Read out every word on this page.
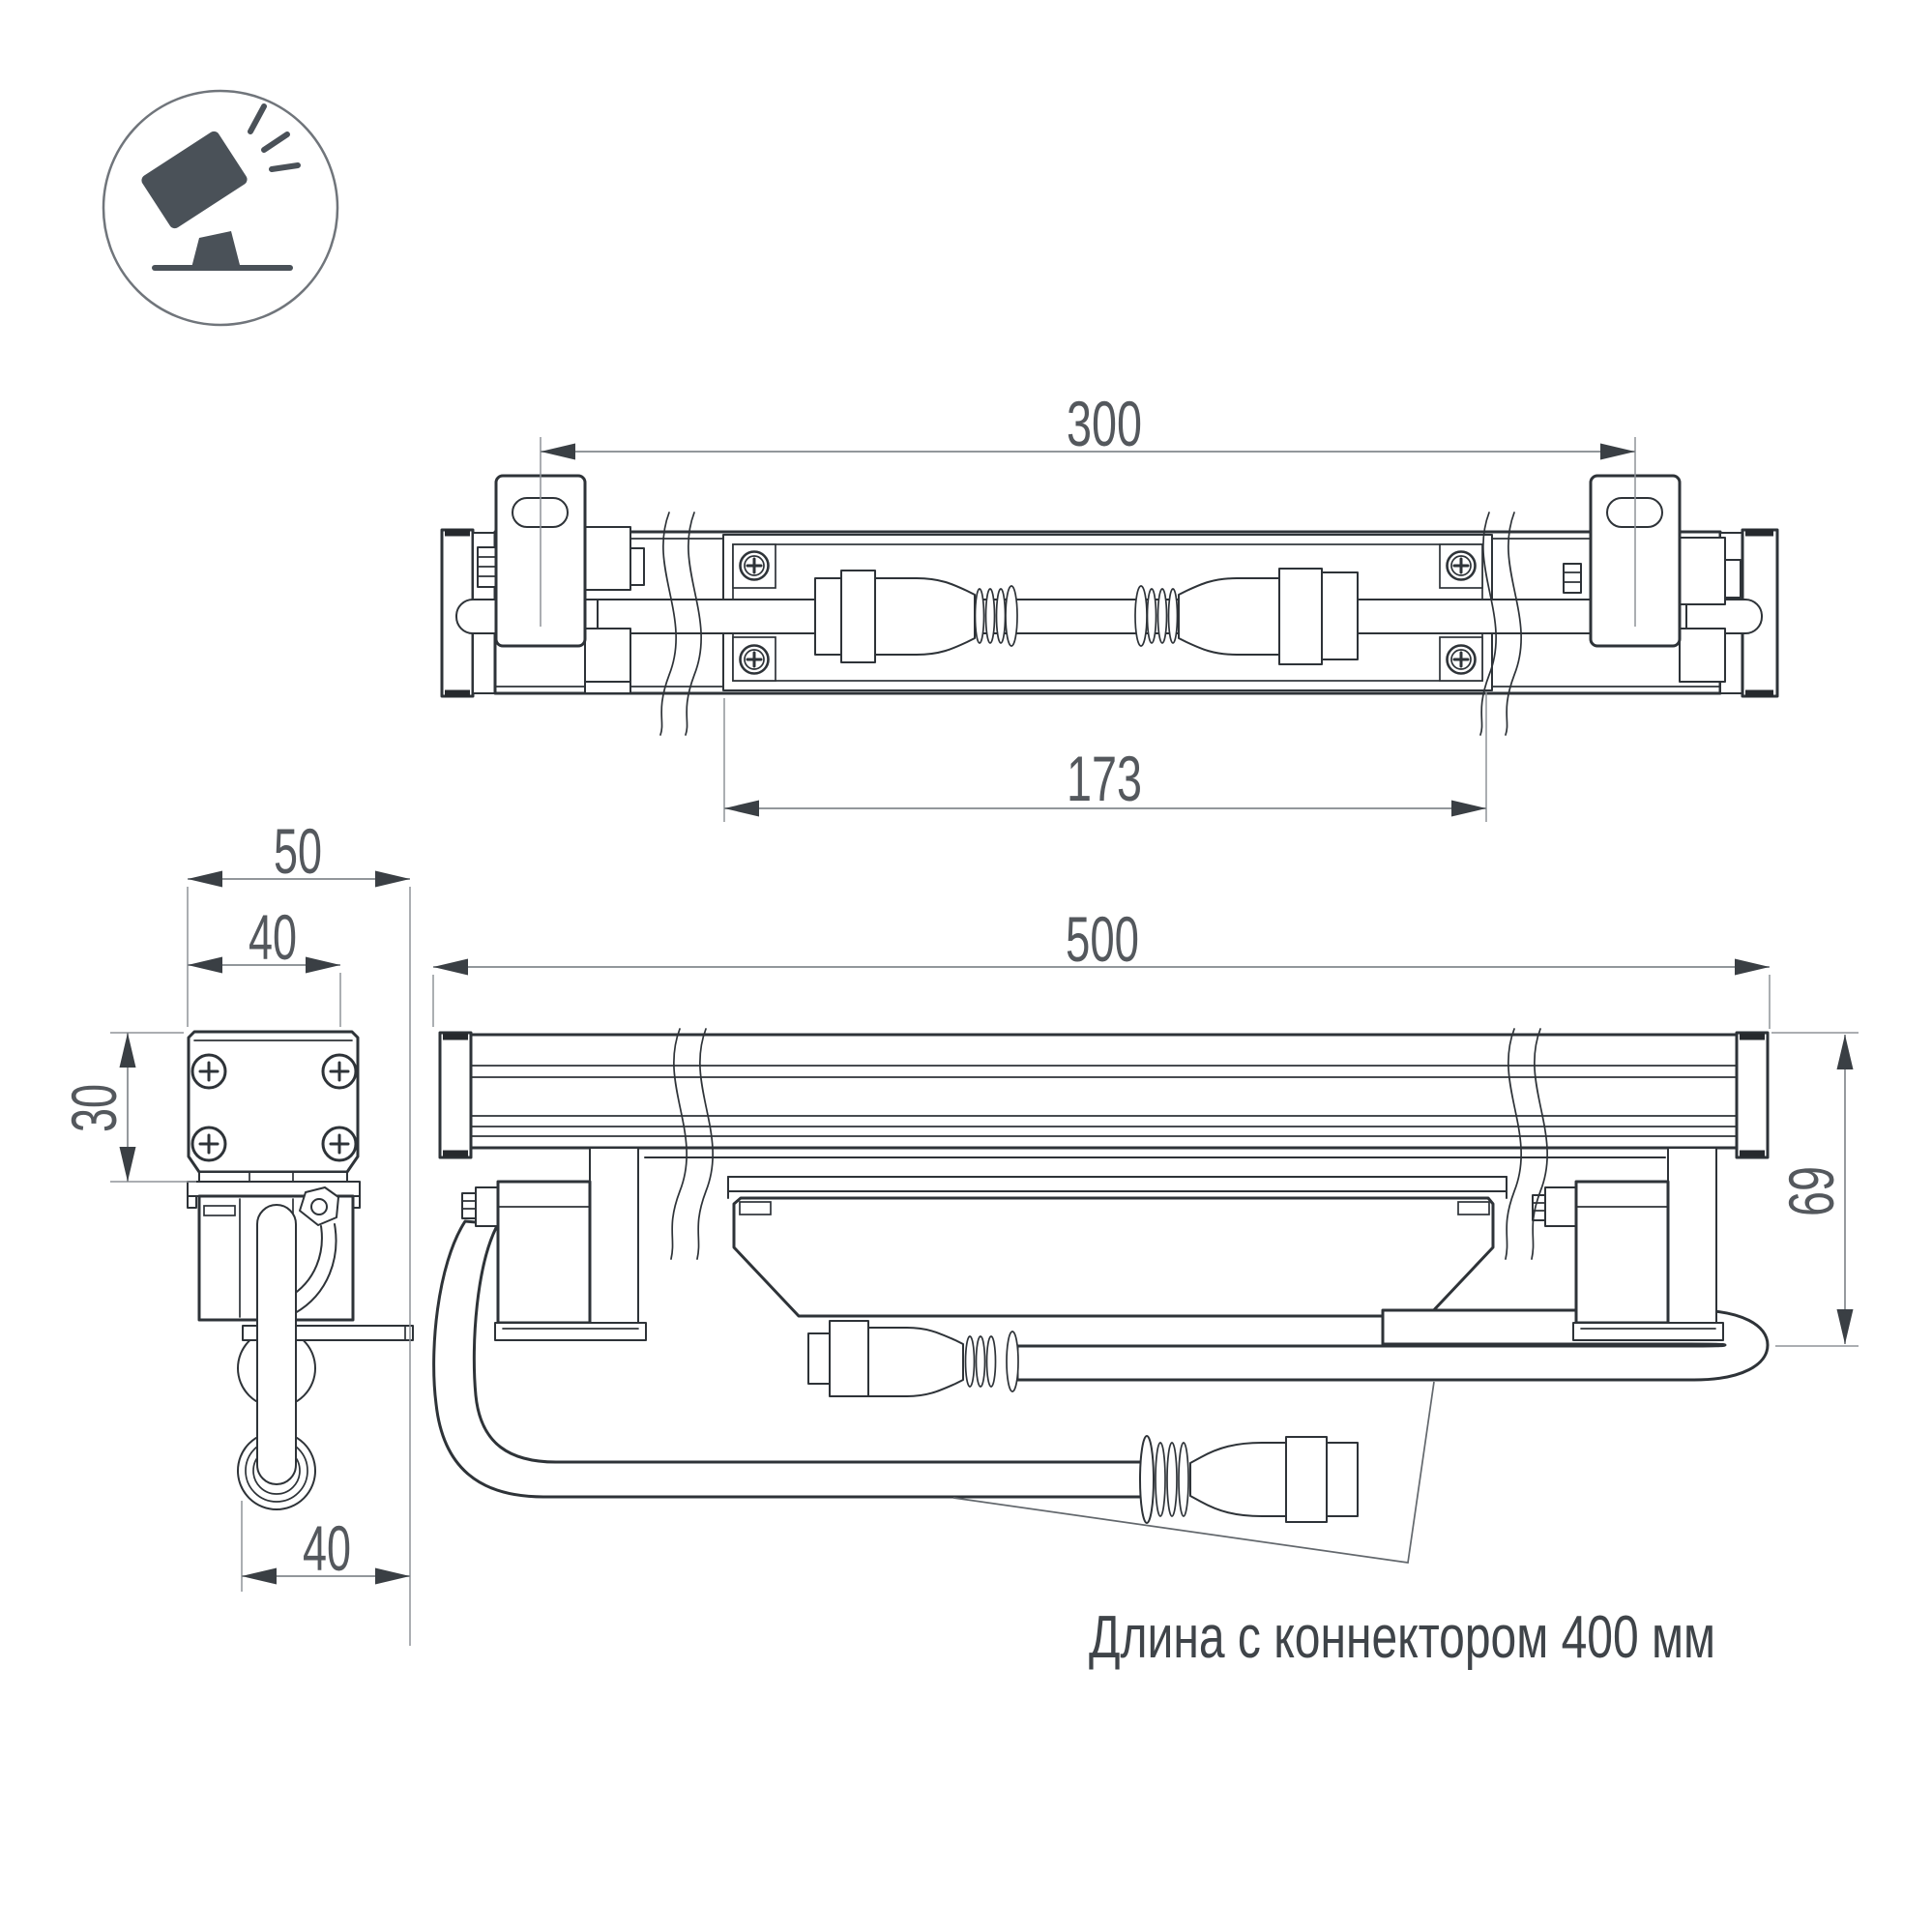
300
173
50
40
30
40
500
69
Длина с коннектором 400 мм
